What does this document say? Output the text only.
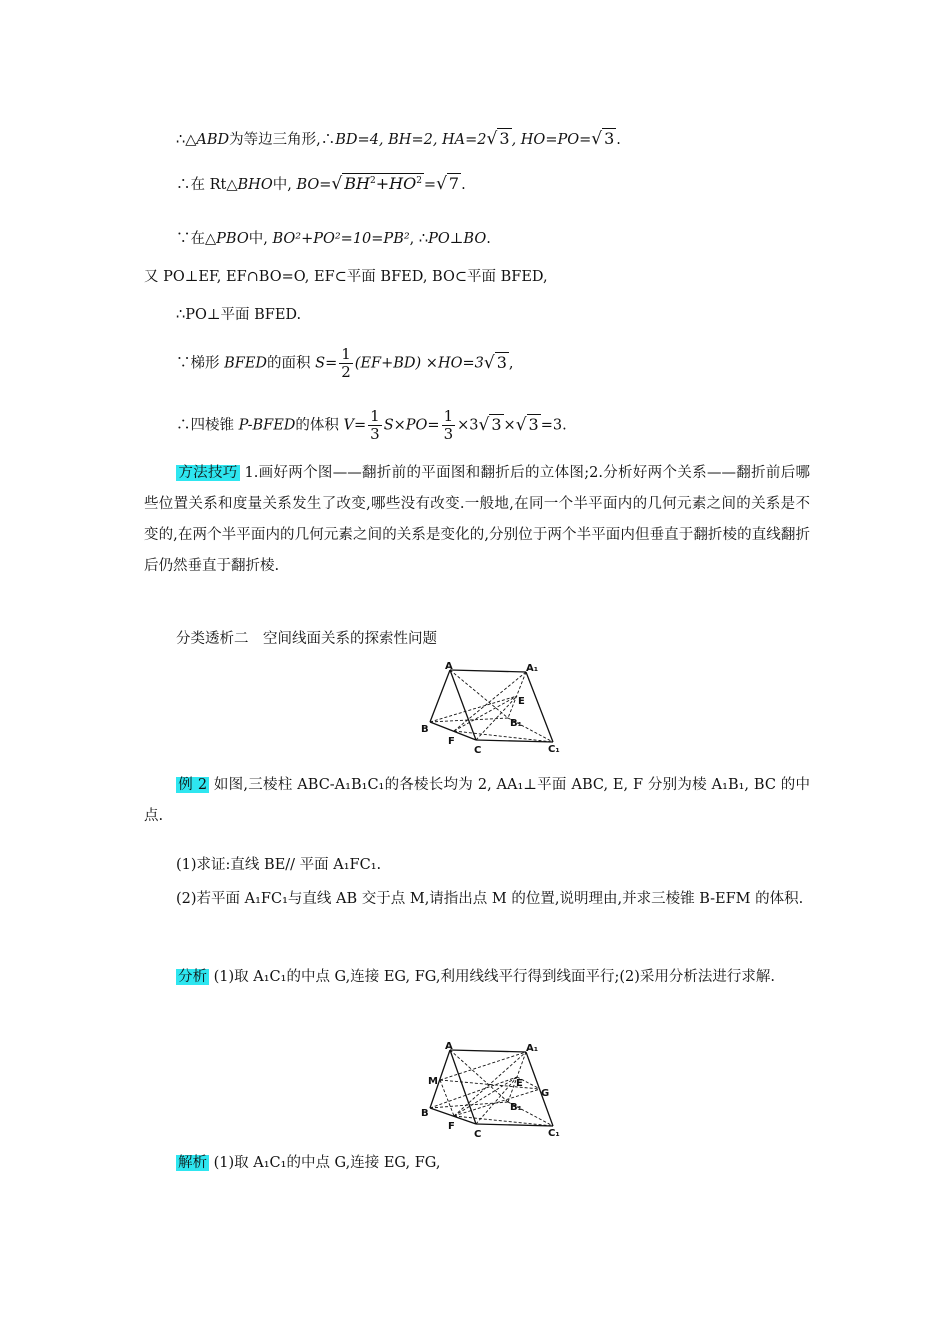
∴△ABD为等边三角形,∴BD=4, BH=2, HA=2√ 3 , HO=PO=√ 3 .
∴在 Rt△BHO中, BO=√ $BH^2+HO^2$ =√ 7 .
∵在△PBO中, BO²+PO²=10=PB², ∴PO⊥BO.
又 PO⊥EF, EF∩BO=O, EF⊂平面 BFED, BO⊂平面 BFED,
∴PO⊥平面 BFED.
∵梯形 BFED的面积 $S= \frac{1}{2} (EF+BD) \times HO=3√$ 3 ,
∴四棱锥 P-BFED的体积 $V= \frac{1}{3} S\times PO= \frac{1}{3} \times 3√$ 3 ×√ 3 =3.
方法技巧 1.画好两个图——翻折前的平面图和翻折后的立体图;2.分析好两个关系——翻折前后哪些位置关系和度量关系发生了改变,哪些没有改变.一般地,在同一个半平面内的几何元素之间的关系是不变的,在两个半平面内的几何元素之间的关系是变化的,分别位于两个半平面内但垂直于翻折棱的直线翻折后仍然垂直于翻折棱.
分类透析二　空间线面关系的探索性问题
A	A₁
E
B₁
B
F
C	C₁
例 2 如图,三棱柱 ABC-A₁B₁C₁的各棱长均为 2, AA₁⊥平面 ABC, E, F 分别为棱 A₁B₁, BC 的中点.
(1)求证:直线 BE// 平面 A₁FC₁.
(2)若平面 A₁FC₁与直线 AB 交于点 M,请指出点 M 的位置,说明理由,并求三棱锥 B-EFM 的体积.
分析 (1)取 A₁C₁的中点 G,连接 EG, FG,利用线线平行得到线面平行;(2)采用分析法进行求解.
A	A₁
M	E
G
B₁
B
F
C	C₁
解析 (1)取 A₁C₁的中点 G,连接 EG, FG,
